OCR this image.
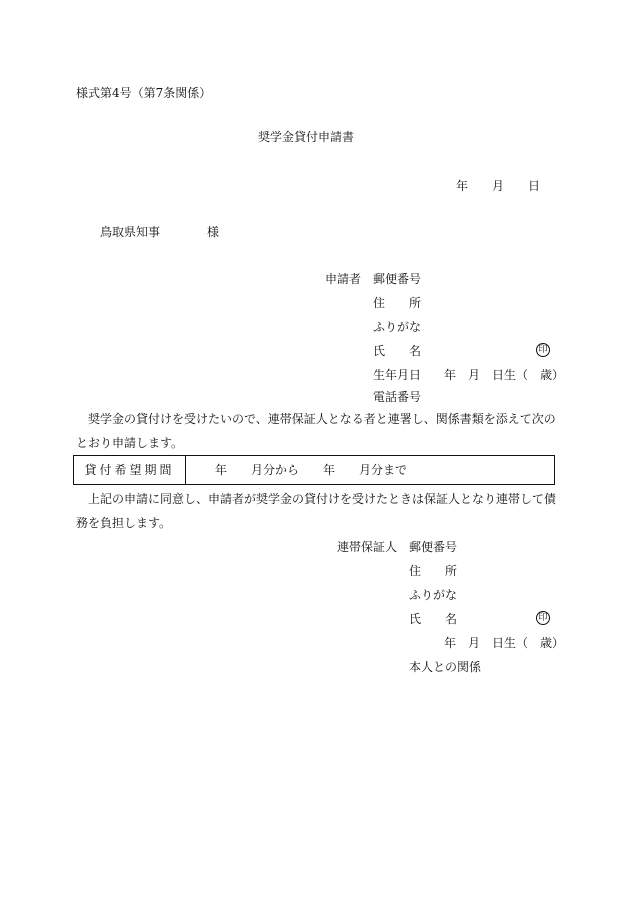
様式第4号（第7条関係）
奨学金貸付申請書
年 月 日
鳥取県知事	様
申請者 郵便番号
住　　所
ふりがな
氏　　名	印
生年月日 年 月 日生（　歳）
電話番号
　奨学金の貸付けを受けたいので、連帯保証人となる者と連署し、関係書類を添えて次の
とおり申請します。
貸付希望期間	年　　月分から　　年　　月分まで
　上記の申請に同意し、申請者が奨学金の貸付けを受けたときは保証人となり連帯して債
務を負担します。
連帯保証人 郵便番号
住　　所
ふりがな
氏　　名	印
年 月 日生（　歳）
本人との関係
